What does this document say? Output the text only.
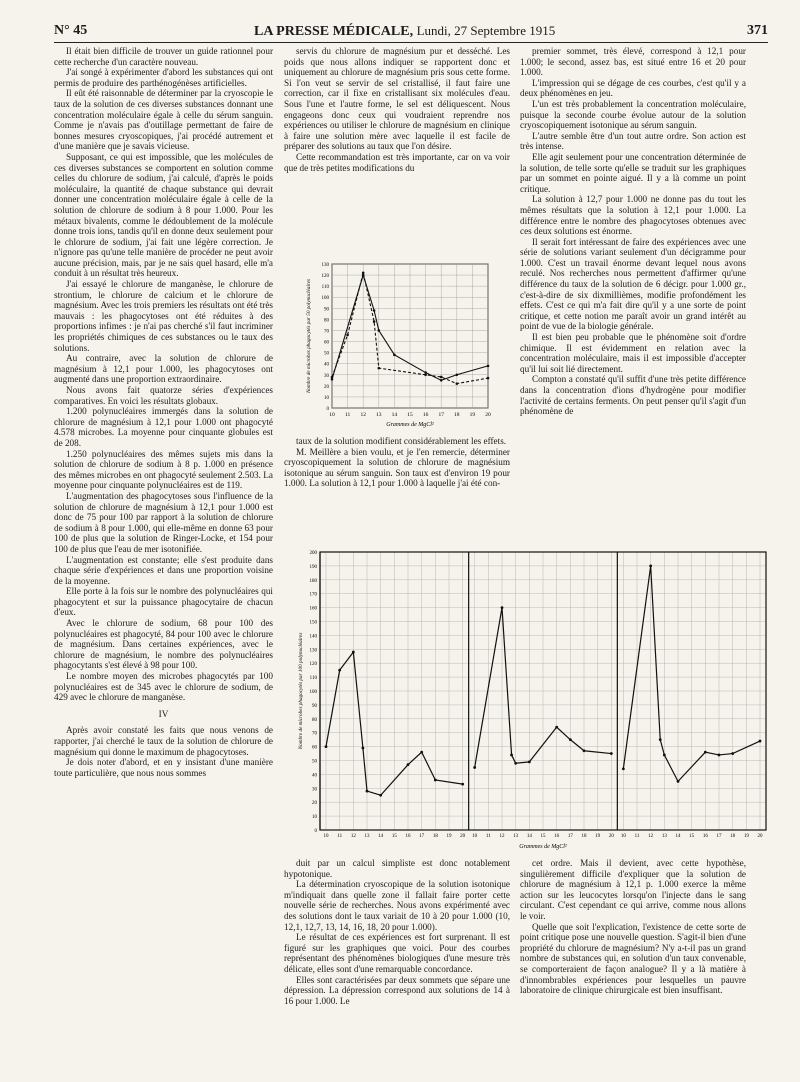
N° 45	LA PRESSE MÉDICALE, Lundi, 27 Septembre 1915	371

Il était bien difficile de trouver un guide rationnel pour cette recherche d'un caractère nouveau.

J'ai songé à expérimenter d'abord les substances qui ont permis de produire des parthénogénèses artificielles.

Il eût été raisonnable de déterminer par la cryoscopie le taux de la solution de ces diverses substances donnant une concentration moléculaire égale à celle du sérum sanguin. Comme je n'avais pas d'outillage permettant de faire de bonnes mesures cryoscopiques, j'ai procédé autrement et d'une manière que je savais vicieuse.

Supposant, ce qui est impossible, que les molécules de ces diverses substances se comportent en solution comme celles du chlorure de sodium, j'ai calculé, d'après le poids moléculaire, la quantité de chaque substance qui devrait donner une concentration moléculaire égale à celle de la solution de chlorure de sodium à 8 pour 1.000. Pour les métaux bivalents, comme le dédoublement de la molécule donne trois ions, tandis qu'il en donne deux seulement pour le chlorure de sodium, j'ai fait une légère correction. Je n'ignore pas qu'une telle manière de procéder ne peut avoir aucune précision, mais, par je ne sais quel hasard, elle m'a conduit à un résultat très heureux.

J'ai essayé le chlorure de manganèse, le chlorure de strontium, le chlorure de calcium et le chlorure de magnésium. Avec les trois premiers les résultats ont été très mauvais : les phagocytoses ont été réduites à des proportions infimes : je n'ai pas cherché s'il faut incriminer les propriétés chimiques de ces substances ou le taux des solutions.

Au contraire, avec la solution de chlorure de magnésium à 12,1 pour 1.000, les phagocytoses ont augmenté dans une proportion extraordinaire.

Nous avons fait quatorze séries d'expériences comparatives. En voici les résultats globaux.

1.200 polynucléaires immergés dans la solution de chlorure de magnésium à 12,1 pour 1.000 ont phagocyté 4.578 microbes. La moyenne pour cinquante globules est de 208.

1.250 polynucléaires des mêmes sujets mis dans la solution de chlorure de sodium à 8 p. 1.000 en présence des mêmes microbes en ont phagocyté seulement 2.503. La moyenne pour cinquante polynucléaires est de 119.

L'augmentation des phagocytoses sous l'influence de la solution de chlorure de magnésium à 12,1 pour 1.000 est donc de 75 pour 100 par rapport à la solution de chlorure de sodium à 8 pour 1.000, qui elle-même en donne 63 pour 100 de plus que la solution de Ringer-Locke, et 154 pour 100 de plus que l'eau de mer isotonifiée.

L'augmentation est constante; elle s'est produite dans chaque série d'expériences et dans une proportion voisine de la moyenne.

Elle porte à la fois sur le nombre des polynucléaires qui phagocytent et sur la puissance phagocytaire de chacun d'eux.

Avec le chlorure de sodium, 68 pour 100 des polynucléaires est phagocyté, 84 pour 100 avec le chlorure de magnésium. Dans certaines expériences, avec le chlorure de magnésium, le nombre des polynucléaires phagocytants s'est élevé à 98 pour 100.

Le nombre moyen des microbes phagocytés par 100 polynucléaires est de 345 avec le chlorure de sodium, de 429 avec le chlorure de manganèse.

IV

Après avoir constaté les faits que nous venons de rapporter, j'ai cherché le taux de la solution de chlorure de magnésium qui donne le maximum de phagocytoses.

Je dois noter d'abord, et en y insistant d'une manière toute particulière, que nous nous sommes

servis du chlorure de magnésium pur et desséché. Les poids que nous allons indiquer se rapportent donc et uniquement au chlorure de magnésium pris sous cette forme. Si l'on veut se servir de sel cristallisé, il faut faire une correction, car il fixe en cristallisant six molécules d'eau. Sous l'une et l'autre forme, le sel est déliquescent. Nous engageons donc ceux qui voudraient reprendre nos expériences ou utiliser le chlorure de magnésium en clinique à faire une solution mère avec laquelle il est facile de préparer des solutions au taux que l'on désire.

Cette recommandation est très importante, car on va voir que de très petites modifications du

0
10
20
30
40
50
60
70
80
90
100
110
120
130
10 11 12 13 14 15 16 17 18 19 20
Grammes de MgCl²
Nombre de microbes phagocytés par 50 polynucléaires

taux de la solution modifient considérablement les effets.

M. Meillère a bien voulu, et je l'en remercie, déterminer cryoscopiquement la solution de chlorure de magnésium isotonique au sérum sanguin. Son taux est d'environ 19 pour 1.000. La solution à 12,1 pour 1.000 à laquelle j'ai été con-

premier sommet, très élevé, correspond à 12,1 pour 1.000; le second, assez bas, est situé entre 16 et 20 pour 1.000.

L'impression qui se dégage de ces courbes, c'est qu'il y a deux phénomènes en jeu.

L'un est très probablement la concentration moléculaire, puisque la seconde courbe évolue autour de la solution cryoscopiquement isotonique au sérum sanguin.

L'autre semble être d'un tout autre ordre. Son action est très intense.

Elle agit seulement pour une concentration déterminée de la solution, de telle sorte qu'elle se traduit sur les graphiques par un sommet en pointe aigué. Il y a là comme un point critique.

La solution à 12,7 pour 1.000 ne donne pas du tout les mêmes résultats que la solution à 12,1 pour 1.000. La différence entre le nombre des phagocytoses obtenues avec ces deux solutions est énorme.

Il serait fort intéressant de faire des expériences avec une série de solutions variant seulement d'un décigramme pour 1.000. C'est un travail énorme devant lequel nous avons reculé. Nos recherches nous permettent d'affirmer qu'une différence du taux de la solution de 6 décigr. pour 1.000 gr., c'est-à-dire de six dixmillièmes, modifie profondément les effets. C'est ce qui m'a fait dire qu'il y a une sorte de point critique, et cette notion me paraît avoir un grand intérêt au point de vue de la biologie générale.

Il est bien peu probable que le phénomène soit d'ordre chimique. Il est évidemment en relation avec la concentration moléculaire, mais il est impossible d'accepter qu'il lui soit lié directement.

Compton a constaté qu'il suffit d'une très petite différence dans la concentration d'ions d'hydrogène pour modifier l'activité de certains ferments. On peut penser qu'il s'agit d'un phénomène de

0
10
20
30
40
50
60
70
80
90
100
110
120
130
140
150
160
170
180
190
200
Nombre de microbes phagocytés par 100 polynucléaires
10 11 12 13 14 15 16 17 18 19 20 10 11 12 13 14 15 16 17 18 19 20 10 11 12 13 14 15 16 17 18 19 20
Grammes de MgCl²

duit par un calcul simpliste est donc notablement hypotonique.

La détermination cryoscopique de la solution isotonique m'indiquait dans quelle zone il fallait faire porter cette nouvelle série de recherches. Nous avons expérimenté avec des solutions dont le taux variait de 10 à 20 pour 1.000 (10, 12,1, 12,7, 13, 14, 16, 18, 20 pour 1.000).

Le résultat de ces expériences est fort surprenant. Il est figuré sur les graphiques que voici. Pour des courbes représentant des phénomènes biologiques d'une mesure très délicate, elles sont d'une remarquable concordance.

Elles sont caractérisées par deux sommets que sépare une dépression. La dépression correspond aux solutions de 14 à 16 pour 1.000. Le

cet ordre. Mais il devient, avec cette hypothèse, singulièrement difficile d'expliquer que la solution de chlorure de magnésium à 12,1 p. 1.000 exerce la même action sur les leucocytes lorsqu'on l'injecte dans le sang circulant. C'est cependant ce qui arrive, comme nous allons le voir.

Quelle que soit l'explication, l'existence de cette sorte de point critique pose une nouvelle question. S'agit-il bien d'une propriété du chlorure de magnésium? N'y a-t-il pas un grand nombre de substances qui, en solution d'un taux convenable, se comporteraient de façon analogue? Il y a là matière à d'innombrables expériences pour lesquelles un pauvre laboratoire de clinique chirurgicale est bien insuffisant.
